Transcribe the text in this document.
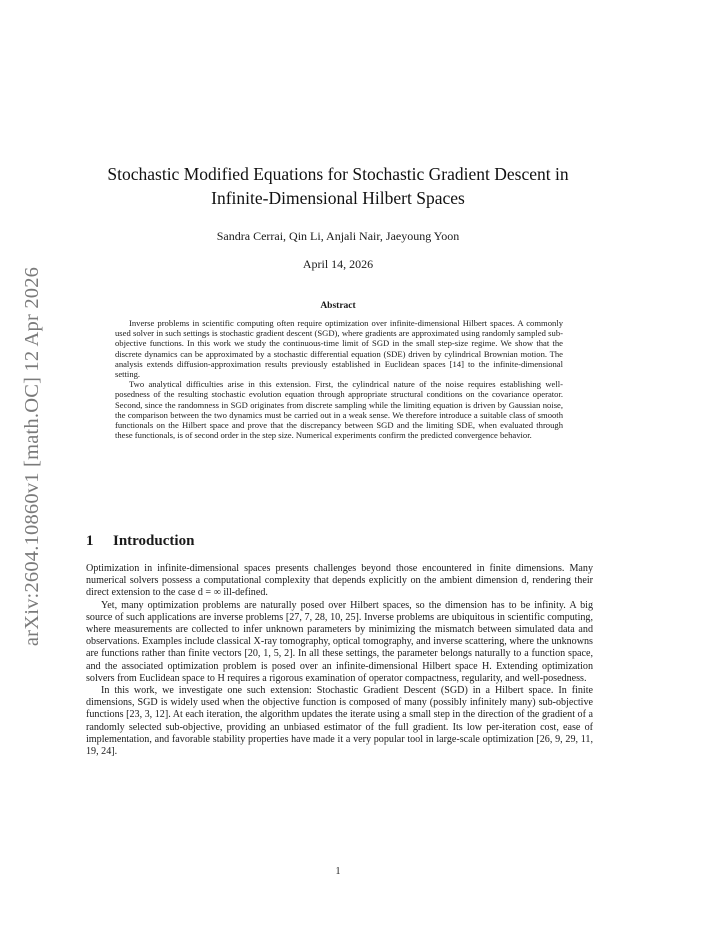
arXiv:2604.10860v1 [math.OC] 12 Apr 2026
Stochastic Modified Equations for Stochastic Gradient Descent in Infinite-Dimensional Hilbert Spaces
Sandra Cerrai, Qin Li, Anjali Nair, Jaeyoung Yoon
April 14, 2026
Abstract

Inverse problems in scientific computing often require optimization over infinite-dimensional Hilbert spaces. A commonly used solver in such settings is stochastic gradient descent (SGD), where gradients are approximated using randomly sampled sub-objective functions. In this work we study the continuous-time limit of SGD in the small step-size regime. We show that the discrete dynamics can be approximated by a stochastic differential equation (SDE) driven by cylindrical Brownian motion. The analysis extends diffusion-approximation results previously established in Euclidean spaces [14] to the infinite-dimensional setting.

Two analytical difficulties arise in this extension. First, the cylindrical nature of the noise requires establishing well-posedness of the resulting stochastic evolution equation through appropriate structural conditions on the covariance operator. Second, since the randomness in SGD originates from discrete sampling while the limiting equation is driven by Gaussian noise, the comparison between the two dynamics must be carried out in a weak sense. We therefore introduce a suitable class of smooth functionals on the Hilbert space and prove that the discrepancy between SGD and the limiting SDE, when evaluated through these functionals, is of second order in the step size. Numerical experiments confirm the predicted convergence behavior.

1 Introduction

Optimization in infinite-dimensional spaces presents challenges beyond those encountered in finite dimensions. Many numerical solvers possess a computational complexity that depends explicitly on the ambient dimension d, rendering their direct extension to the case d = ∞ ill-defined.

Yet, many optimization problems are naturally posed over Hilbert spaces, so the dimension has to be infinity. A big source of such applications are inverse problems [27, 7, 28, 10, 25]. Inverse problems are ubiquitous in scientific computing, where measurements are collected to infer unknown parameters by minimizing the mismatch between simulated data and observations. Examples include classical X-ray tomography, optical tomography, and inverse scattering, where the unknowns are functions rather than finite vectors [20, 1, 5, 2]. In all these settings, the parameter belongs naturally to a function space, and the associated optimization problem is posed over an infinite-dimensional Hilbert space H. Extending optimization solvers from Euclidean space to H requires a rigorous examination of operator compactness, regularity, and well-posedness.

In this work, we investigate one such extension: Stochastic Gradient Descent (SGD) in a Hilbert space. In finite dimensions, SGD is widely used when the objective function is composed of many (possibly infinitely many) sub-objective functions [23, 3, 12]. At each iteration, the algorithm updates the iterate using a small step in the direction of the gradient of a randomly selected sub-objective, providing an unbiased estimator of the full gradient. Its low per-iteration cost, ease of implementation, and favorable stability properties have made it a very popular tool in large-scale optimization [26, 9, 29, 11, 19, 24].

1
